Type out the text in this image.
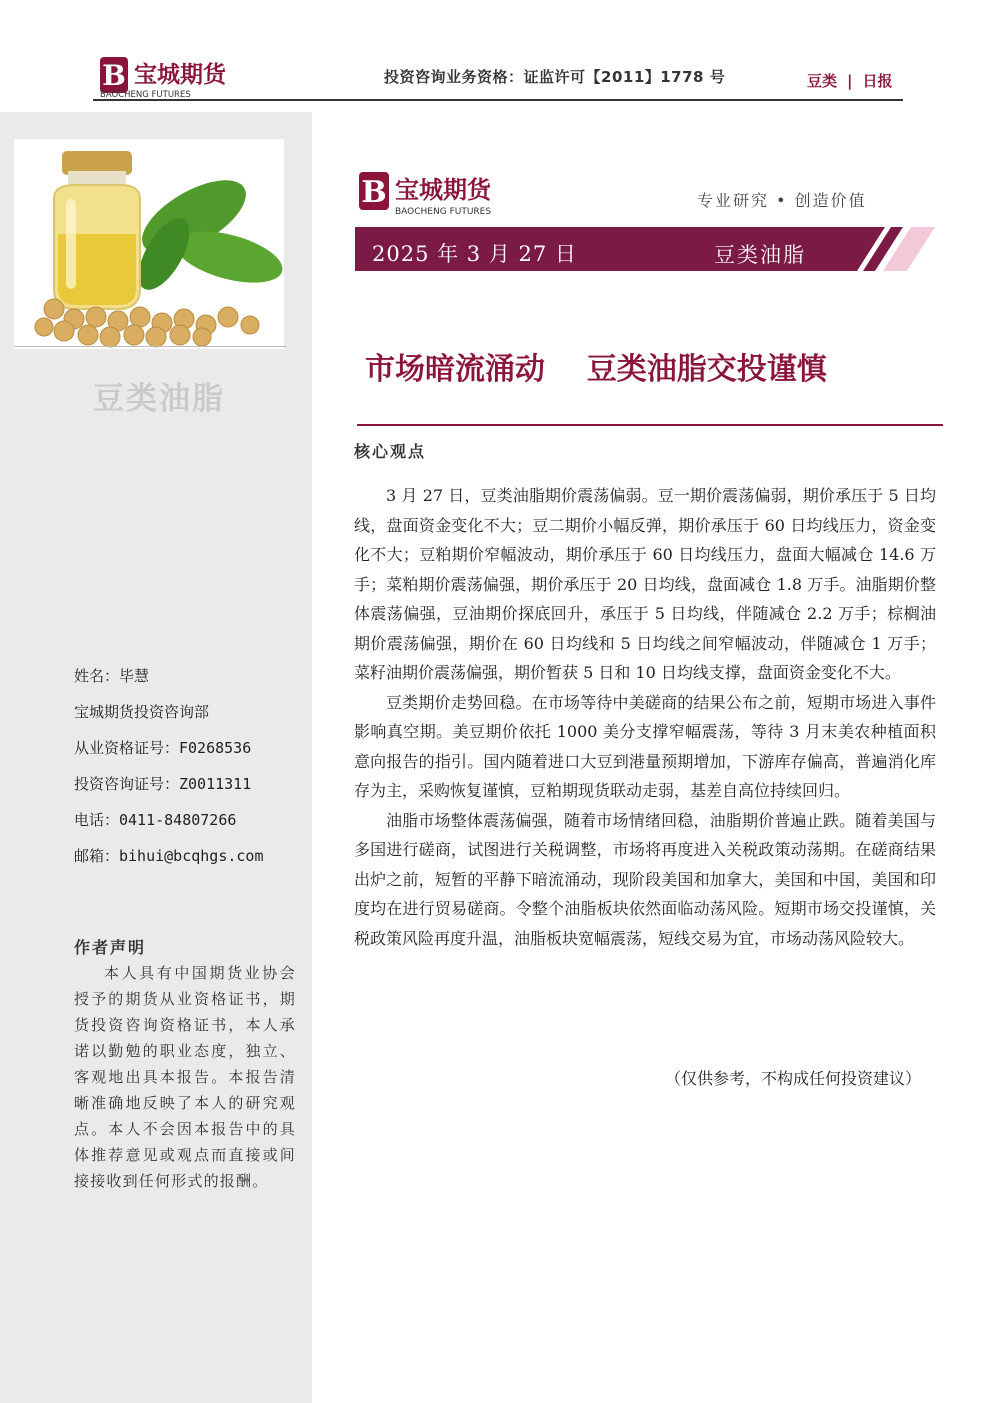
B 宝城期货
BAOCHENG FUTURES
投资咨询业务资格：证监许可【2011】1778 号	豆类 | 日报
豆类油脂
姓名：毕慧
宝城期货投资咨询部
从业资格证号：F0268536
投资咨询证号：Z0011311
电话：0411-84807266
邮箱：bihui@bcqhgs.com
作者声明
本人具有中国期货业协会授予的期货从业资格证书，期货投资咨询资格证书，本人承诺以勤勉的职业态度，独立、客观地出具本报告。本报告清晰准确地反映了本人的研究观点。本人不会因本报告中的具体推荐意见或观点而直接或间接接收到任何形式的报酬。
B 宝城期货
BAOCHENG FUTURES
专业研究 • 创造价值
2025 年 3 月 27 日	豆类油脂
市场暗流涌动    豆类油脂交投谨慎
核心观点

3 月 27 日，豆类油脂期价震荡偏弱。豆一期价震荡偏弱，期价承压于 5 日均线，盘面资金变化不大；豆二期价小幅反弹，期价承压于 60 日均线压力，资金变化不大；豆粕期价窄幅波动，期价承压于 60 日均线压力，盘面大幅减仓 14.6 万手；菜粕期价震荡偏强，期价承压于 20 日均线，盘面减仓 1.8 万手。油脂期价整体震荡偏强，豆油期价探底回升，承压于 5 日均线，伴随减仓 2.2 万手；棕榈油期价震荡偏强，期价在 60 日均线和 5 日均线之间窄幅波动，伴随减仓 1 万手；菜籽油期价震荡偏强，期价暂获 5 日和 10 日均线支撑，盘面资金变化不大。

豆类期价走势回稳。在市场等待中美磋商的结果公布之前，短期市场进入事件影响真空期。美豆期价依托 1000 美分支撑窄幅震荡，等待 3 月末美农种植面积意向报告的指引。国内随着进口大豆到港量预期增加，下游库存偏高，普遍消化库存为主，采购恢复谨慎，豆粕期现货联动走弱，基差自高位持续回归。

油脂市场整体震荡偏强，随着市场情绪回稳，油脂期价普遍止跌。随着美国与多国进行磋商，试图进行关税调整，市场将再度进入关税政策动荡期。在磋商结果出炉之前，短暂的平静下暗流涌动，现阶段美国和加拿大，美国和中国，美国和印度均在进行贸易磋商。令整个油脂板块依然面临动荡风险。短期市场交投谨慎，关税政策风险再度升温，油脂板块宽幅震荡，短线交易为宜，市场动荡风险较大。

（仅供参考，不构成任何投资建议）
